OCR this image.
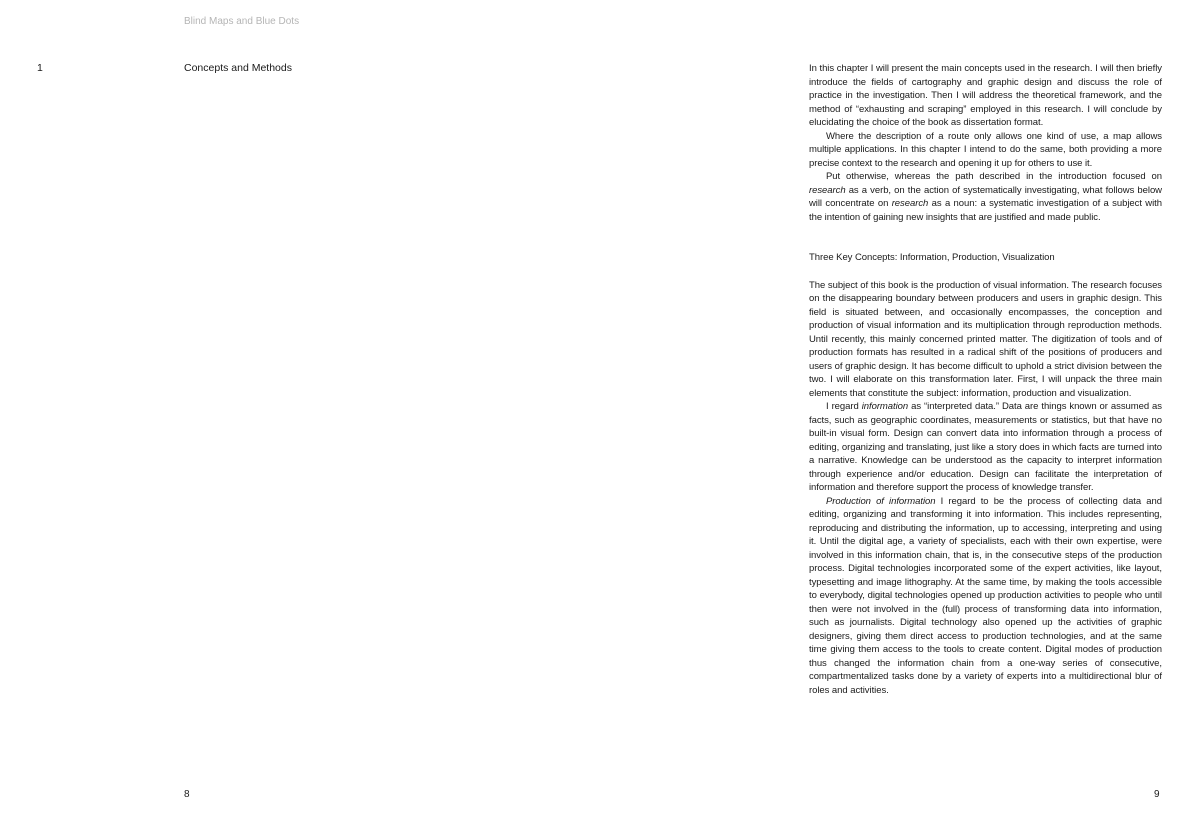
Blind Maps and Blue Dots
1	Concepts and Methods	In this chapter I will present the main concepts used in the research. I will then briefly introduce the fields of cartography and graphic design and discuss the role of practice in the investigation. Then I will address the theoretical framework, and the method of “exhausting and scraping” employed in this research. I will conclude by elucidating the choice of the book as dissertation format.

Where the description of a route only allows one kind of use, a map allows multiple applications. In this chapter I intend to do the same, both providing a more precise context to the research and opening it up for others to use it.

Put otherwise, whereas the path described in the introduction focused on research as a verb, on the action of systematically investigating, what follows below will concentrate on research as a noun: a systematic investigation of a subject with the intention of gaining new insights that are justified and made public.

Three Key Concepts: Information, Production, Visualization

The subject of this book is the production of visual information. The research focuses on the disappearing boundary between producers and users in graphic design. This field is situated between, and occasionally encompasses, the conception and production of visual information and its multiplication through reproduction methods. Until recently, this mainly concerned printed matter. The digitization of tools and of production formats has resulted in a radical shift of the positions of producers and users of graphic design. It has become difficult to uphold a strict division between the two. I will elaborate on this transformation later. First, I will unpack the three main elements that constitute the subject: information, production and visualization.

I regard information as “interpreted data.” Data are things known or assumed as facts, such as geographic coordinates, measurements or statistics, but that have no built-in visual form. Design can convert data into information through a process of editing, organizing and translating, just like a story does in which facts are turned into a narrative. Knowledge can be understood as the capacity to interpret information through experience and/or education. Design can facilitate the interpretation of information and therefore support the process of knowledge transfer.

Production of information I regard to be the process of collecting data and editing, organizing and transforming it into information. This includes representing, reproducing and distributing the information, up to accessing, interpreting and using it. Until the digital age, a variety of specialists, each with their own expertise, were involved in this information chain, that is, in the consecutive steps of the production process. Digital technologies incorporated some of the expert activities, like layout, typesetting and image lithography. At the same time, by making the tools accessible to everybody, digital technologies opened up production activities to people who until then were not involved in the (full) process of transforming data into information, such as journalists. Digital technology also opened up the activities of graphic designers, giving them direct access to production technologies, and at the same time giving them access to the tools to create content. Digital modes of production thus changed the information chain from a one-way series of consecutive, compartmentalized tasks done by a variety of experts into a multidirectional blur of roles and activities.

8	9
